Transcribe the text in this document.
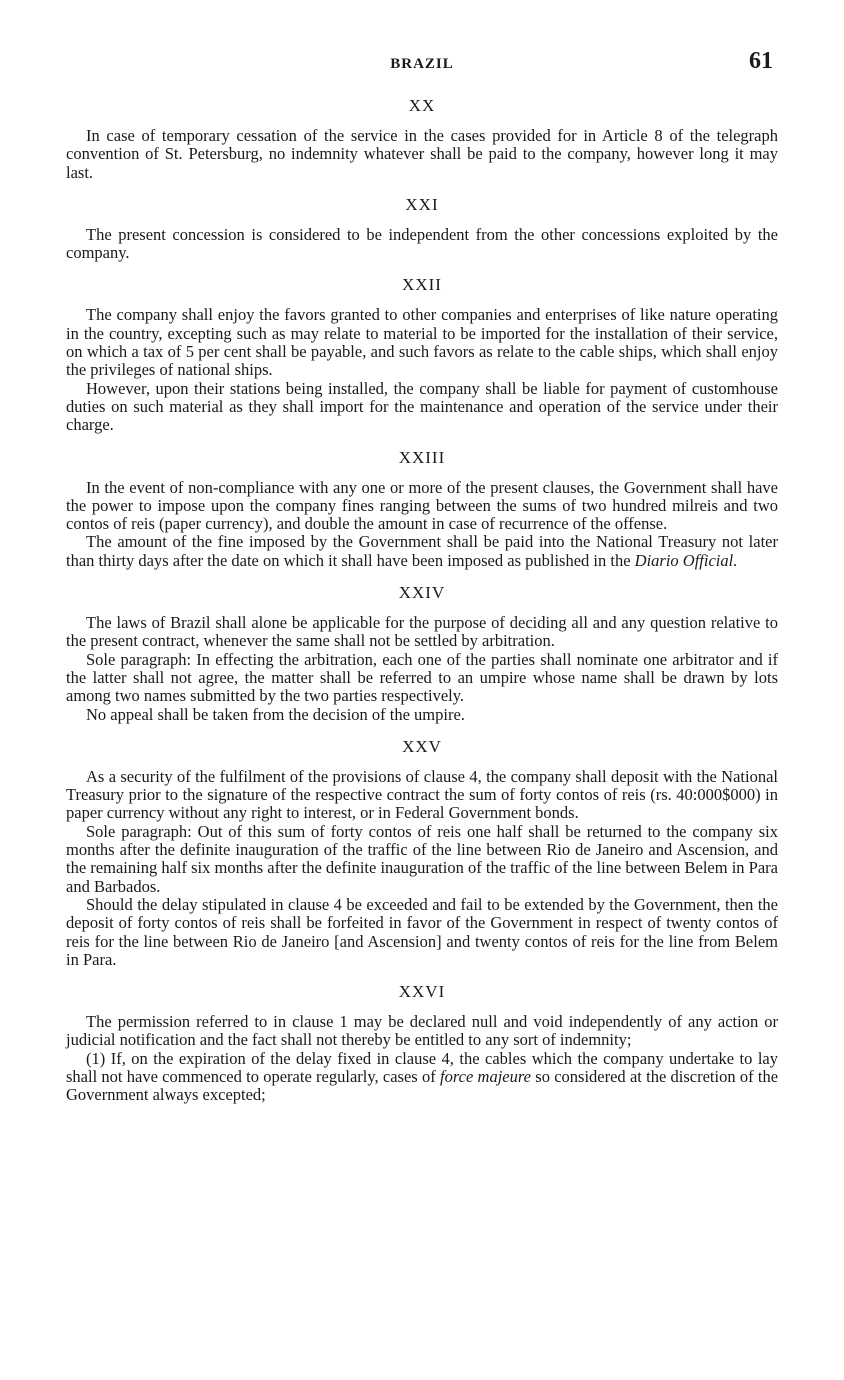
BRAZIL	61
XX

In case of temporary cessation of the service in the cases provided for in Article 8 of the telegraph convention of St. Petersburg, no indemnity whatever shall be paid to the company, however long it may last.

XXI

The present concession is considered to be independent from the other concessions exploited by the company.

XXII

The company shall enjoy the favors granted to other companies and enterprises of like nature operating in the country, excepting such as may relate to material to be imported for the installation of their service, on which a tax of 5 per cent shall be payable, and such favors as relate to the cable ships, which shall enjoy the privileges of national ships.

However, upon their stations being installed, the company shall be liable for payment of customhouse duties on such material as they shall import for the maintenance and operation of the service under their charge.

XXIII

In the event of non-compliance with any one or more of the present clauses, the Government shall have the power to impose upon the company fines ranging between the sums of two hundred milreis and two contos of reis (paper currency), and double the amount in case of recurrence of the offense.

The amount of the fine imposed by the Government shall be paid into the National Treasury not later than thirty days after the date on which it shall have been imposed as published in the Diario Official.

XXIV

The laws of Brazil shall alone be applicable for the purpose of deciding all and any question relative to the present contract, whenever the same shall not be settled by arbitration.

Sole paragraph: In effecting the arbitration, each one of the parties shall nominate one arbitrator and if the latter shall not agree, the matter shall be referred to an umpire whose name shall be drawn by lots among two names submitted by the two parties respectively.

No appeal shall be taken from the decision of the umpire.

XXV

As a security of the fulfilment of the provisions of clause 4, the company shall deposit with the National Treasury prior to the signature of the respective contract the sum of forty contos of reis (rs. 40:000$000) in paper currency without any right to interest, or in Federal Government bonds.

Sole paragraph: Out of this sum of forty contos of reis one half shall be returned to the company six months after the definite inauguration of the traffic of the line between Rio de Janeiro and Ascension, and the remaining half six months after the definite inauguration of the traffic of the line between Belem in Para and Barbados.

Should the delay stipulated in clause 4 be exceeded and fail to be extended by the Government, then the deposit of forty contos of reis shall be forfeited in favor of the Government in respect of twenty contos of reis for the line between Rio de Janeiro [and Ascension] and twenty contos of reis for the line from Belem in Para.

XXVI

The permission referred to in clause 1 may be declared null and void independently of any action or judicial notification and the fact shall not thereby be entitled to any sort of indemnity;

(1) If, on the expiration of the delay fixed in clause 4, the cables which the company undertake to lay shall not have commenced to operate regularly, cases of force majeure so considered at the discretion of the Government always excepted;
